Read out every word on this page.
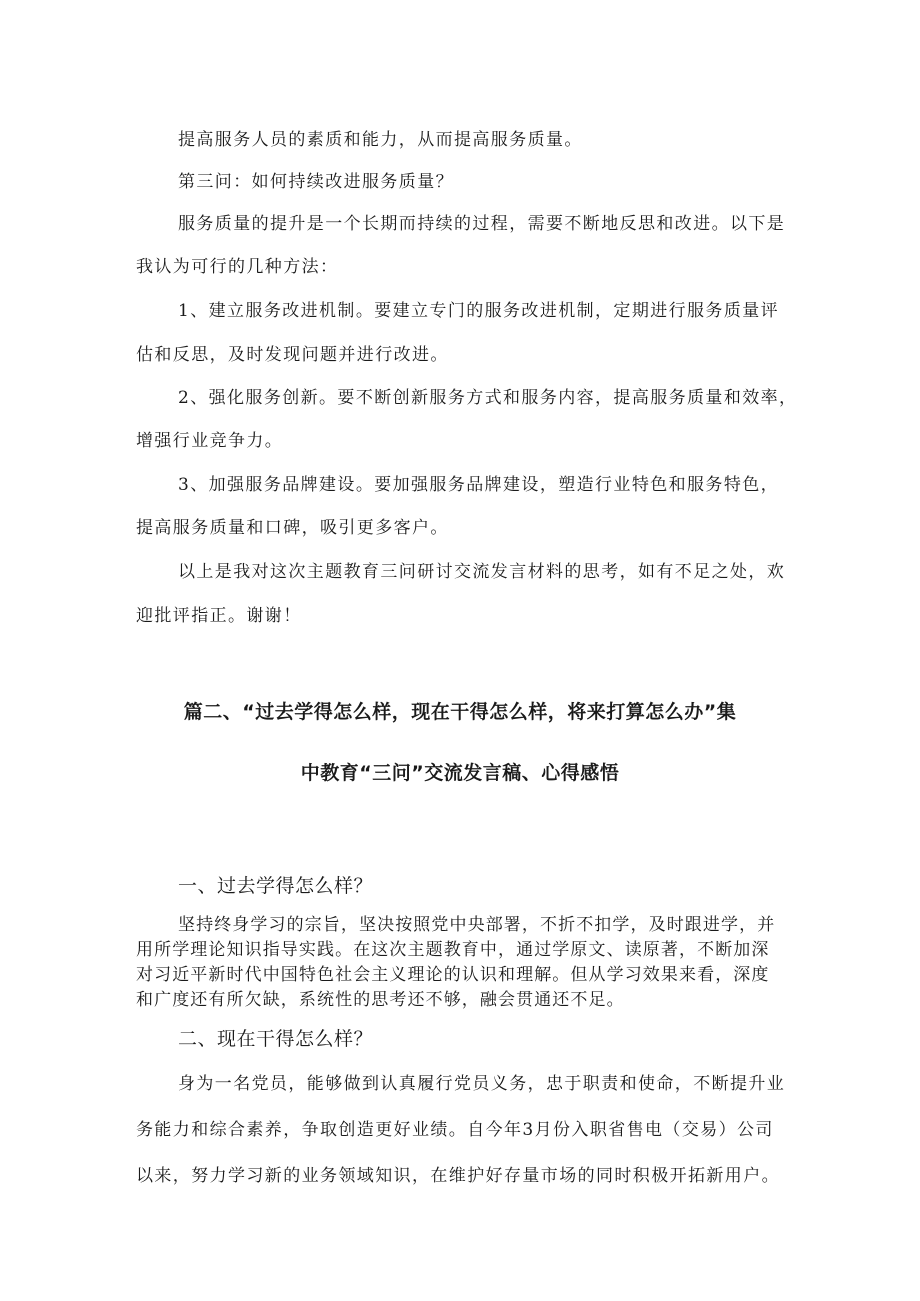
提高服务人员的素质和能力，从而提高服务质量。
第三问：如何持续改进服务质量？
服务质量的提升是一个长期而持续的过程，需要不断地反思和改进。以下是
我认为可行的几种方法：
1、建立服务改进机制。要建立专门的服务改进机制，定期进行服务质量评
估和反思，及时发现问题并进行改进。
2、强化服务创新。要不断创新服务方式和服务内容，提高服务质量和效率，
增强行业竞争力。
3、加强服务品牌建设。要加强服务品牌建设，塑造行业特色和服务特色，
提高服务质量和口碑，吸引更多客户。
以上是我对这次主题教育三问研讨交流发言材料的思考，如有不足之处，欢
迎批评指正。谢谢！
篇二、“过去学得怎么样，现在干得怎么样，将来打算怎么办”集
中教育“三问”交流发言稿、心得感悟
一、过去学得怎么样？
坚持终身学习的宗旨，坚决按照党中央部署，不折不扣学，及时跟进学，并
用所学理论知识指导实践。在这次主题教育中，通过学原文、读原著，不断加深
对习近平新时代中国特色社会主义理论的认识和理解。但从学习效果来看，深度
和广度还有所欠缺，系统性的思考还不够，融会贯通还不足。
二、现在干得怎么样？
身为一名党员，能够做到认真履行党员义务，忠于职责和使命，不断提升业
务能力和综合素养，争取创造更好业绩。自今年3月份入职省售电（交易）公司
以来，努力学习新的业务领域知识，在维护好存量市场的同时积极开拓新用户。
